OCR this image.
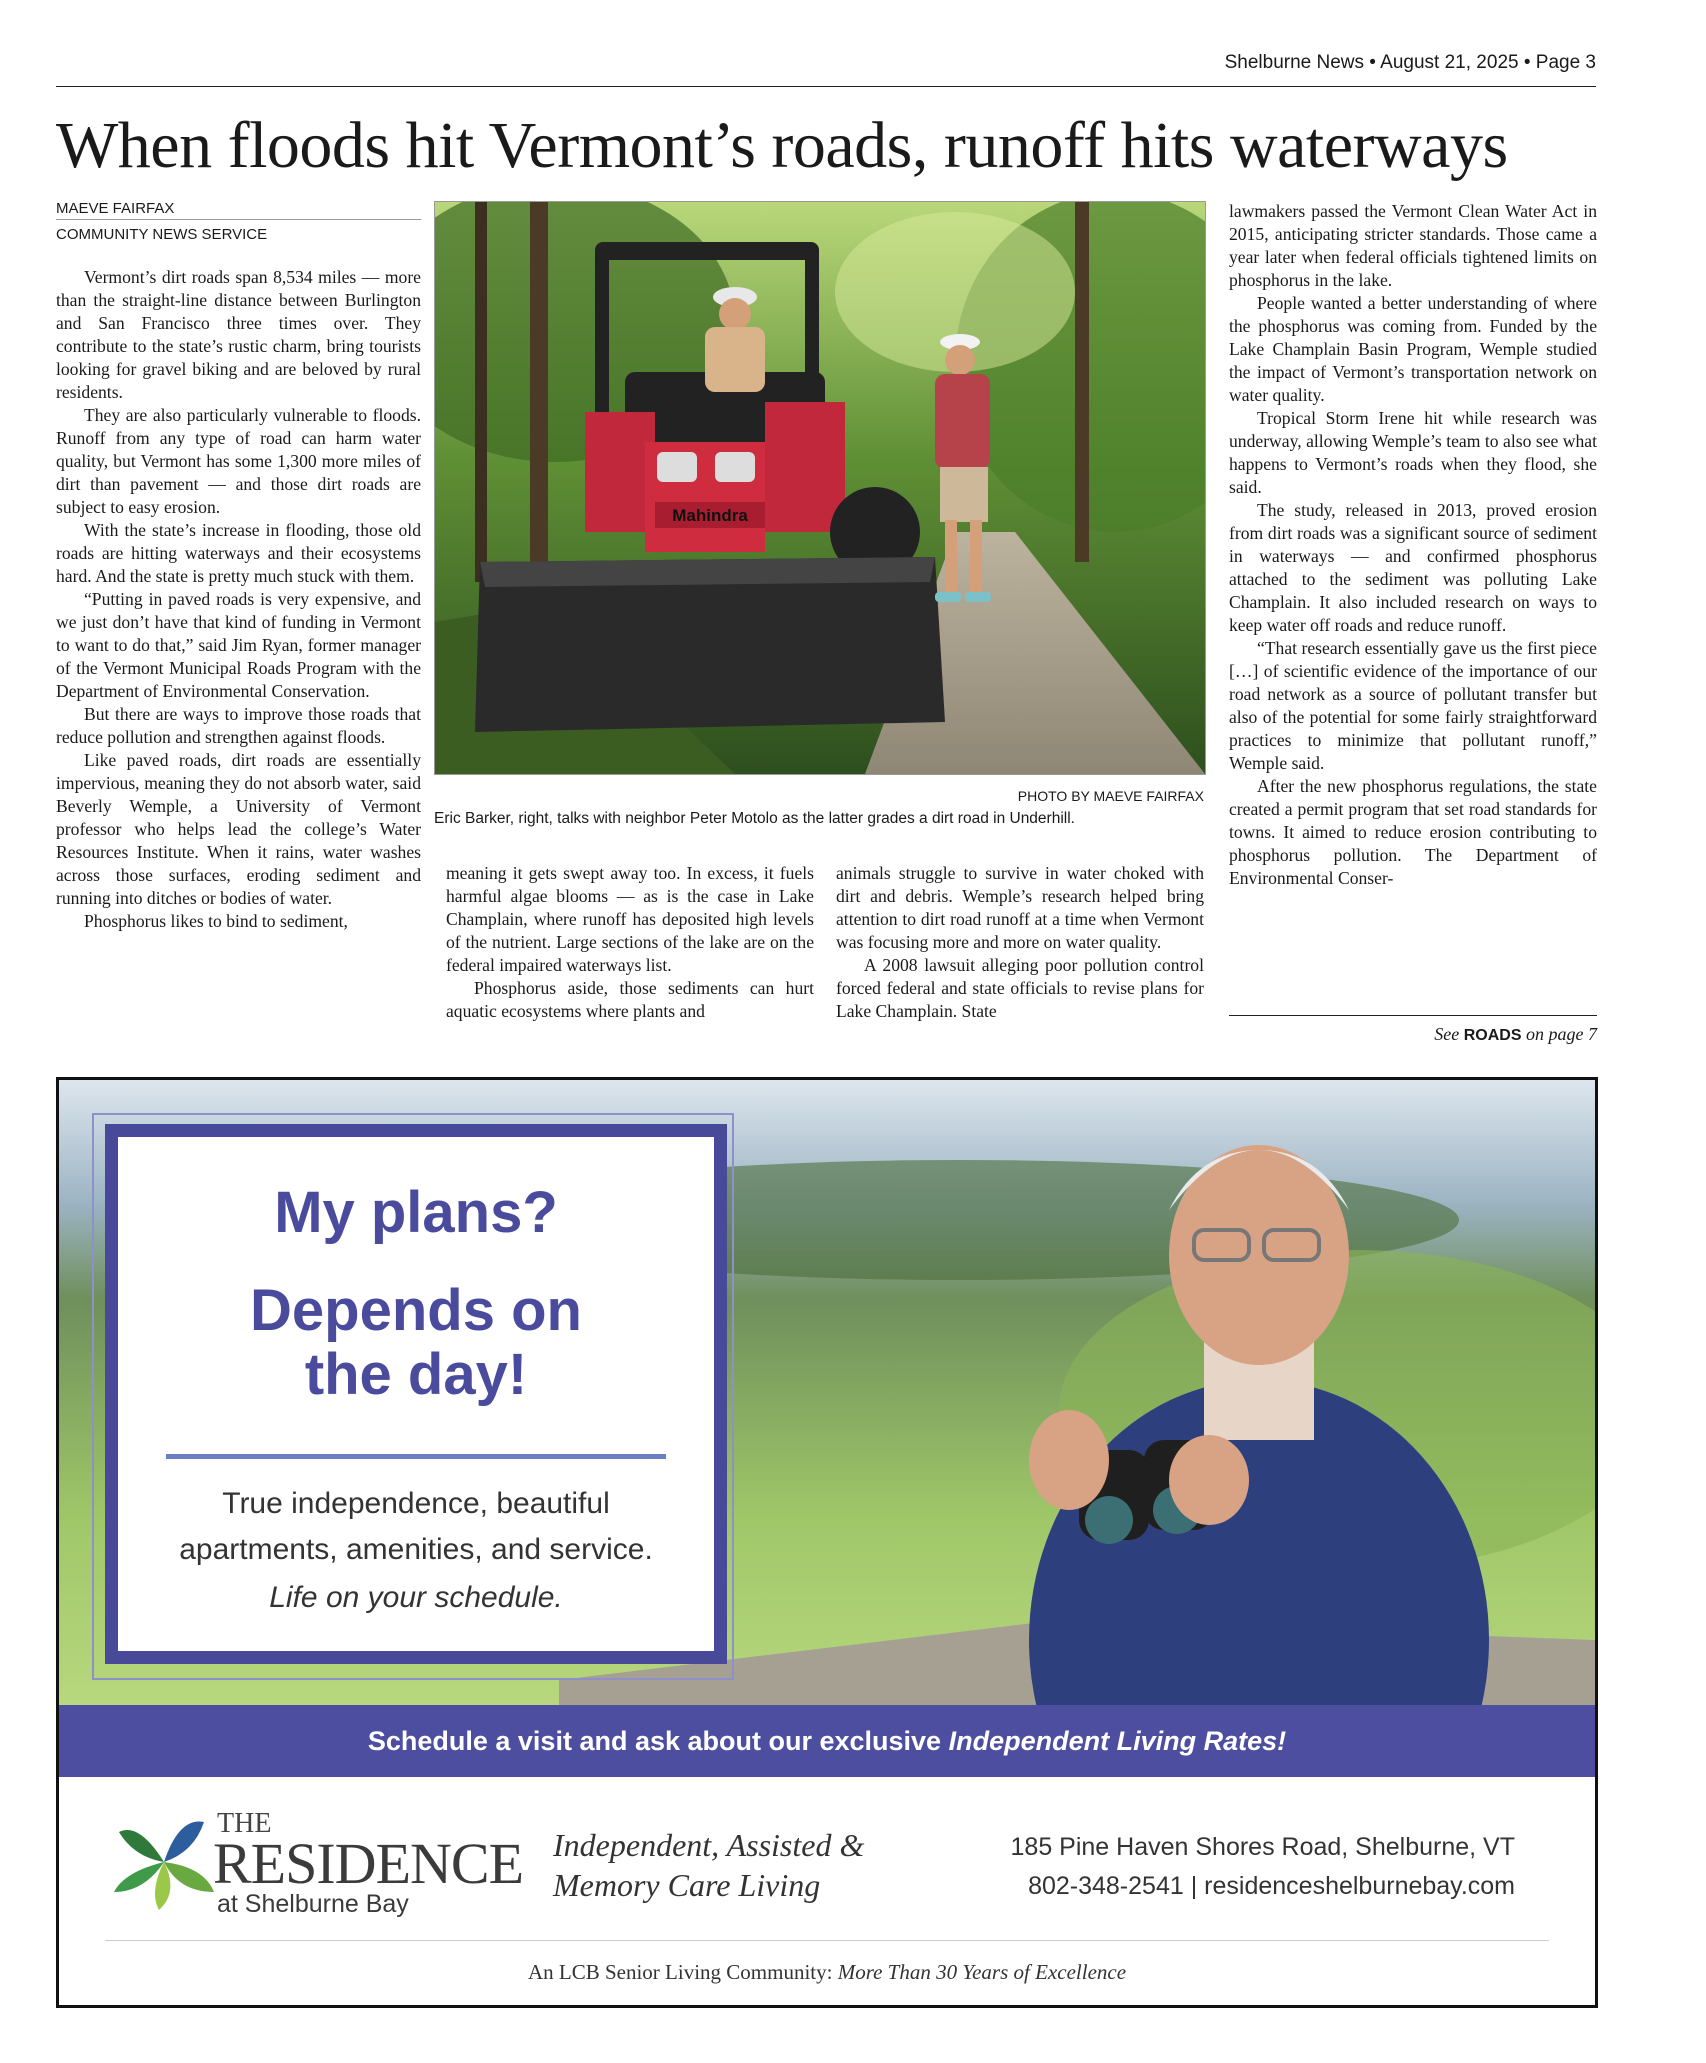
Shelburne News • August 21, 2025 • Page 3
When floods hit Vermont’s roads, runoff hits waterways
MAEVE FAIRFAX
COMMUNITY NEWS SERVICE

Vermont’s dirt roads span 8,534 miles — more than the straight-line distance between Burlington and San Francisco three times over. They contribute to the state’s rustic charm, bring tourists looking for gravel biking and are beloved by rural residents.

They are also particularly vulnerable to floods. Runoff from any type of road can harm water quality, but Vermont has some 1,300 more miles of dirt than pavement — and those dirt roads are subject to easy erosion.

With the state’s increase in flooding, those old roads are hitting waterways and their ecosystems hard. And the state is pretty much stuck with them.

“Putting in paved roads is very expensive, and we just don’t have that kind of funding in Vermont to want to do that,” said Jim Ryan, former manager of the Vermont Municipal Roads Program with the Department of Environmental Conservation.

But there are ways to improve those roads that reduce pollution and strengthen against floods.

Like paved roads, dirt roads are essentially impervious, meaning they do not absorb water, said Beverly Wemple, a University of Vermont professor who helps lead the college’s Water Resources Institute. When it rains, water washes across those surfaces, eroding sediment and running into ditches or bodies of water.

Phosphorus likes to bind to sediment,

Mahindra
PHOTO BY MAEVE FAIRFAX
Eric Barker, right, talks with neighbor Peter Motolo as the latter grades a dirt road in Underhill.

meaning it gets swept away too. In excess, it fuels harmful algae blooms — as is the case in Lake Champlain, where runoff has deposited high levels of the nutrient. Large sections of the lake are on the federal impaired waterways list.

Phosphorus aside, those sediments can hurt aquatic ecosystems where plants and

animals struggle to survive in water choked with dirt and debris. Wemple’s research helped bring attention to dirt road runoff at a time when Vermont was focusing more and more on water quality.

A 2008 lawsuit alleging poor pollution control forced federal and state officials to revise plans for Lake Champlain. State

lawmakers passed the Vermont Clean Water Act in 2015, anticipating stricter standards. Those came a year later when federal officials tightened limits on phosphorus in the lake.

People wanted a better understanding of where the phosphorus was coming from. Funded by the Lake Champlain Basin Program, Wemple studied the impact of Vermont’s transportation network on water quality.

Tropical Storm Irene hit while research was underway, allowing Wemple’s team to also see what happens to Vermont’s roads when they flood, she said.

The study, released in 2013, proved erosion from dirt roads was a significant source of sediment in waterways — and confirmed phosphorus attached to the sediment was polluting Lake Champlain. It also included research on ways to keep water off roads and reduce runoff.

“That research essentially gave us the first piece […] of scientific evidence of the importance of our road network as a source of pollutant transfer but also of the potential for some fairly straightforward practices to minimize that pollutant runoff,” Wemple said.

After the new phosphorus regulations, the state created a permit program that set road standards for towns. It aimed to reduce erosion contributing to phosphorus pollution. The Department of Environmental Conser-

See ROADS on page 7
My plans?
Depends on
the day!
True independence, beautiful
apartments, amenities, and service.
Life on your schedule.
Schedule a visit and ask about our exclusive Independent Living Rates!
THE
RESIDENCE
at Shelburne Bay
Independent, Assisted &
Memory Care Living
185 Pine Haven Shores Road, Shelburne, VT
802-348-2541 | residenceshelburnebay.com
An LCB Senior Living Community: More Than 30 Years of Excellence
